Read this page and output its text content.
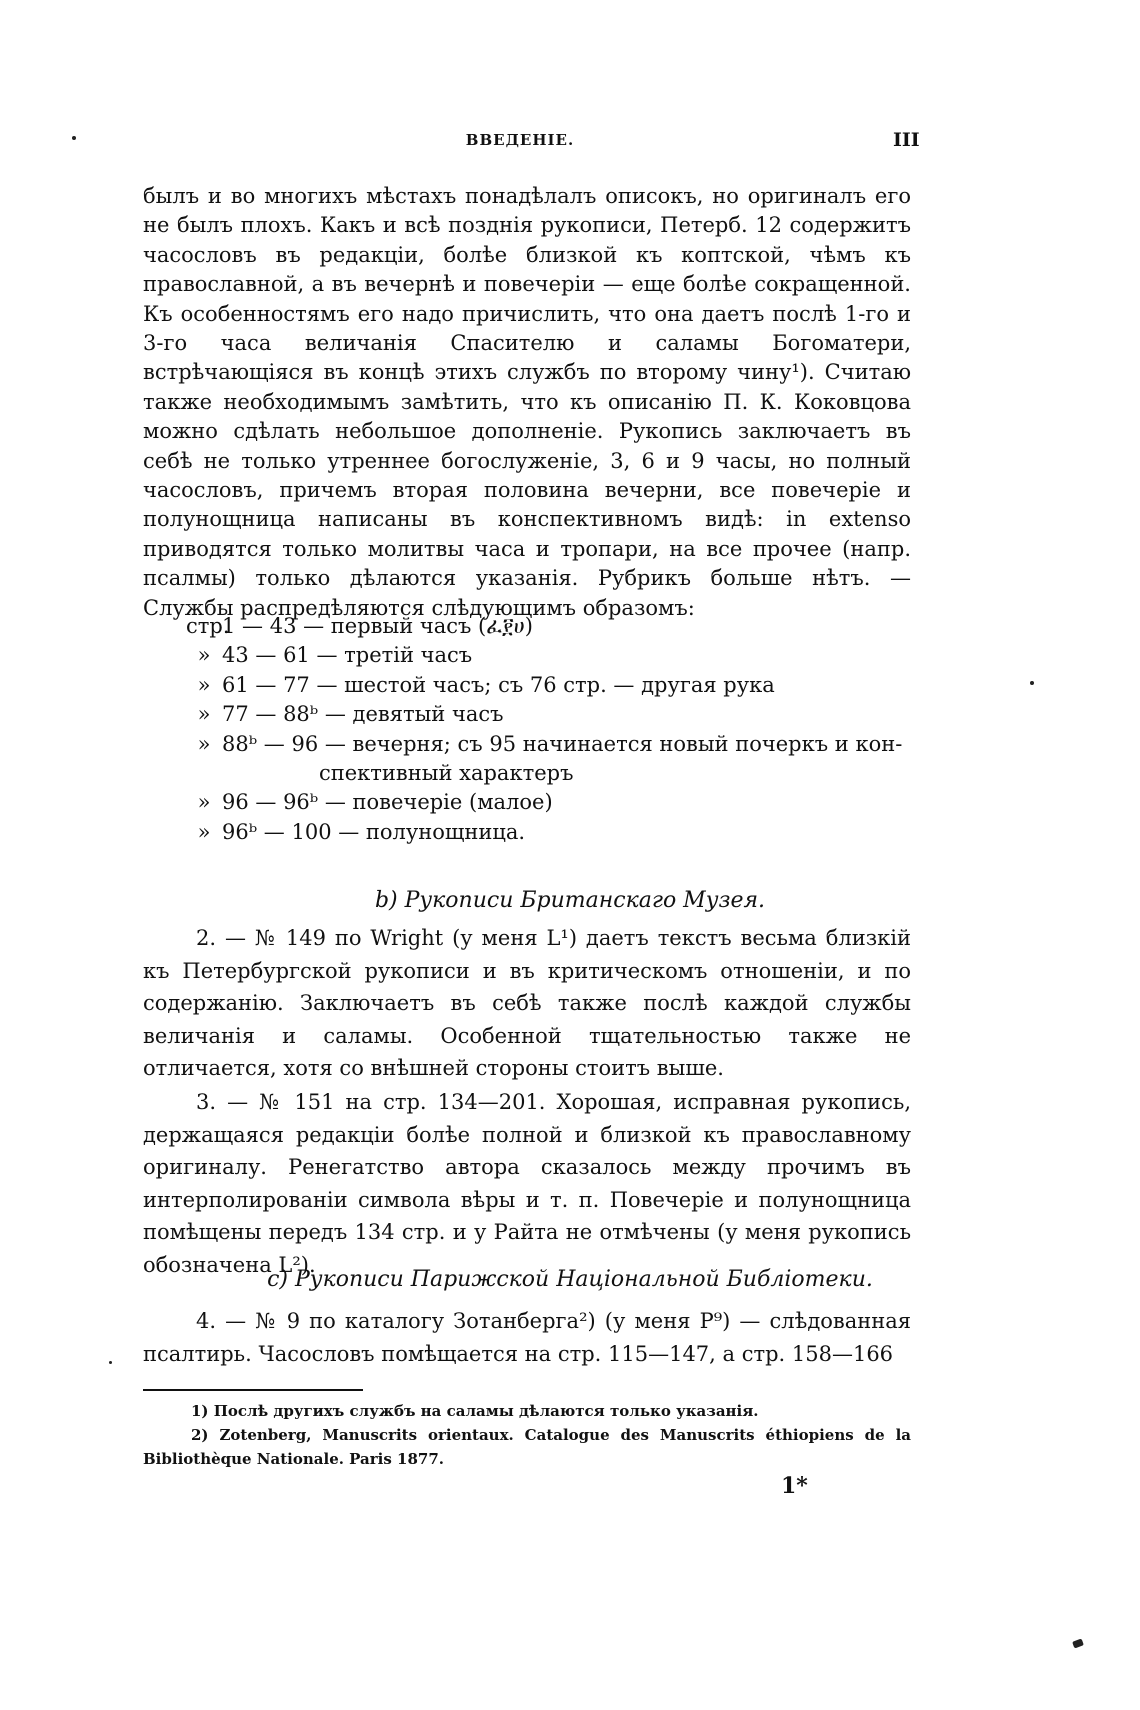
ВВЕДЕНІЕ.	III
былъ и во многихъ мѣстахъ понадѣлалъ описокъ, но оригиналъ его не былъ плохъ. Какъ и всѣ позднія рукописи, Петерб. 12 содержитъ часословъ въ редакціи, болѣе близкой къ коптской, чѣмъ къ православной, а въ вечернѣ и повечеріи — еще болѣе сокращенной. Къ особенностямъ его надо причислить, что она даетъ послѣ 1-го и 3-го часа величанія Спасителю и саламы Богоматери, встрѣчающіяся въ концѣ этихъ службъ по второму чину¹). Считаю также необходимымъ замѣтить, что къ описанію П. К. Коковцова можно сдѣлать небольшое дополненіе. Рукопись заключаетъ въ себѣ не только утреннее богослуженіе, 3, 6 и 9 часы, но полный часословъ, причемъ вторая половина вечерни, все повечеріе и полунощница написаны въ конспективномъ видѣ: in extenso приводятся только молитвы часа и тропари, на все прочее (напр. псалмы) только дѣлаются указанія. Рубрикъ больше нѣтъ. — Службы распредѣляются слѣдующимъ образомъ:
стр.
1 — 43 — первый часъ (ፈ፻ሀ)
» 43 — 61 — третій часъ
» 61 — 77 — шестой часъ; съ 76 стр. — другая рука
» 77 — 88ᵇ — девятый часъ
» 88ᵇ — 96 — вечерня; съ 95 начинается новый почеркъ и кон-
спективный характеръ
» 96 — 96ᵇ — повечеріе (малое)
» 96ᵇ — 100 — полунощница.
b) Рукописи Британскаго Музея.
2. — № 149 по Wright (у меня L¹) даетъ текстъ весьма близкій къ Петербургской рукописи и въ критическомъ отношеніи, и по содержанію. Заключаетъ въ себѣ также послѣ каждой службы величанія и саламы. Особенной тщательностью также не отличается, хотя со внѣшней стороны стоитъ выше.
3. — № 151 на стр. 134—201. Хорошая, исправная рукопись, держащаяся редакціи болѣе полной и близкой къ православному оригиналу. Ренегатство автора сказалось между прочимъ въ интерполированіи символа вѣры и т. п. Повечеріе и полунощница помѣщены передъ 134 стр. и у Райта не отмѣчены (у меня рукопись обозначена L²).
c) Рукописи Парижской Національной Библіотеки.
4. — № 9 по каталогу Зотанберга²) (у меня P⁹) — слѣдованная псалтирь. Часословъ помѣщается на стр. 115—147, а стр. 158—166

1) Послѣ другихъ службъ на саламы дѣлаются только указанія.

2) Zotenberg, Manuscrits orientaux. Catalogue des Manuscrits éthiopiens de la Bibliothèque Nationale. Paris 1877.

1*
